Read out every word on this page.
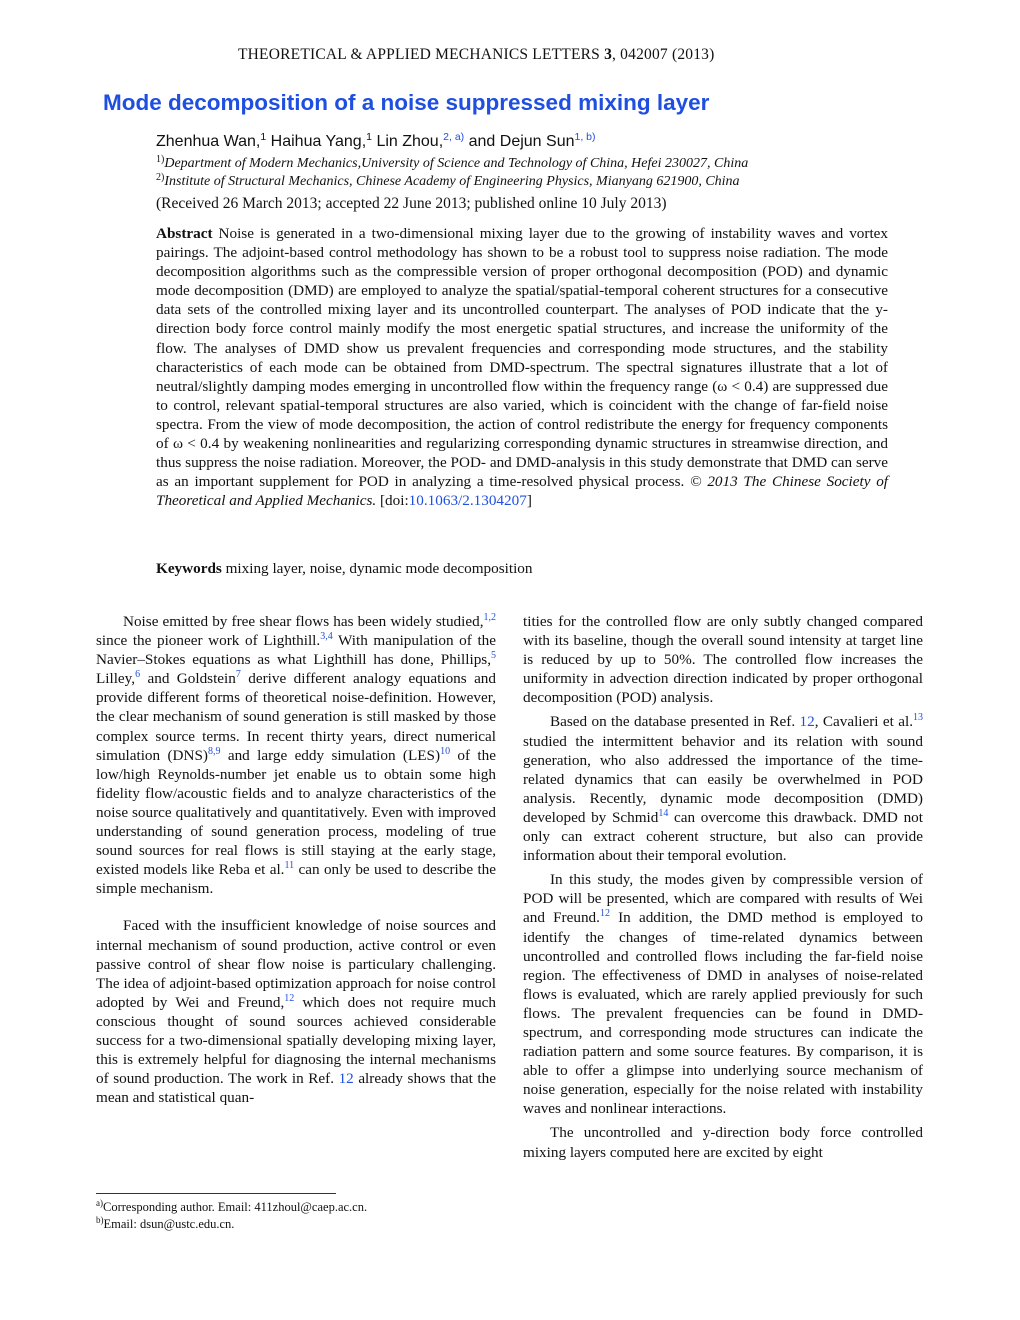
THEORETICAL & APPLIED MECHANICS LETTERS 3, 042007 (2013)
Mode decomposition of a noise suppressed mixing layer
Zhenhua Wan,$^1$ Haihua Yang,$^1$ Lin Zhou,$^{2, a)}$ and Dejun Sun$^{1, b)}$
$^{1)}$Department of Modern Mechanics,University of Science and Technology of China, Hefei 230027, China
$^{2)}$Institute of Structural Mechanics, Chinese Academy of Engineering Physics, Mianyang 621900, China
(Received 26 March 2013; accepted 22 June 2013; published online 10 July 2013)
Abstract Noise is generated in a two-dimensional mixing layer due to the growing of instability waves and vortex pairings. The adjoint-based control methodology has shown to be a robust tool to suppress noise radiation. The mode decomposition algorithms such as the compressible version of proper orthogonal decomposition (POD) and dynamic mode decomposition (DMD) are employed to analyze the spatial/spatial-temporal coherent structures for a consecutive data sets of the controlled mixing layer and its uncontrolled counterpart. The analyses of POD indicate that the y-direction body force control mainly modify the most energetic spatial structures, and increase the uniformity of the flow. The analyses of DMD show us prevalent frequencies and corresponding mode structures, and the stability characteristics of each mode can be obtained from DMD-spectrum. The spectral signatures illustrate that a lot of neutral/slightly damping modes emerging in uncontrolled flow within the frequency range (ω < 0.4) are suppressed due to control, relevant spatial-temporal structures are also varied, which is coincident with the change of far-field noise spectra. From the view of mode decomposition, the action of control redistribute the energy for frequency components of ω < 0.4 by weakening nonlinearities and regularizing corresponding dynamic structures in streamwise direction, and thus suppress the noise radiation. Moreover, the POD- and DMD-analysis in this study demonstrate that DMD can serve as an important supplement for POD in analyzing a time-resolved physical process. © 2013 The Chinese Society of Theoretical and Applied Mechanics. [doi:10.1063/2.1304207]
Keywords mixing layer, noise, dynamic mode decomposition

Noise emitted by free shear flows has been widely studied,$^{1,2}$ since the pioneer work of Lighthill.$^{3,4}$ With manipulation of the Navier–Stokes equations as what Lighthill has done, Phillips,$^5$ Lilley,$^6$ and Goldstein$^7$ derive different analogy equations and provide different forms of theoretical noise-definition. However, the clear mechanism of sound generation is still masked by those complex source terms. In recent thirty years, direct numerical simulation (DNS)$^{8,9}$ and large eddy simulation (LES)$^{10}$ of the low/high Reynolds-number jet enable us to obtain some high fidelity flow/acoustic fields and to analyze characteristics of the noise source qualitatively and quantitatively. Even with improved understanding of sound generation process, modeling of true sound sources for real flows is still staying at the early stage, existed models like Reba et al.$^{11}$ can only be used to describe the simple mechanism.

Faced with the insufficient knowledge of noise sources and internal mechanism of sound production, active control or even passive control of shear flow noise is particulary challenging. The idea of adjoint-based optimization approach for noise control adopted by Wei and Freund,$^{12}$ which does not require much conscious thought of sound sources achieved considerable success for a two-dimensional spatially developing mixing layer, this is extremely helpful for diagnosing the internal mechanisms of sound production. The work in Ref. 12 already shows that the mean and statistical quan-

tities for the controlled flow are only subtly changed compared with its baseline, though the overall sound intensity at target line is reduced by up to 50%. The controlled flow increases the uniformity in advection direction indicated by proper orthogonal decomposition (POD) analysis.

Based on the database presented in Ref. 12, Cavalieri et al.$^{13}$ studied the intermittent behavior and its relation with sound generation, who also addressed the importance of the time-related dynamics that can easily be overwhelmed in POD analysis. Recently, dynamic mode decomposition (DMD) developed by Schmid$^{14}$ can overcome this drawback. DMD not only can extract coherent structure, but also can provide information about their temporal evolution.

In this study, the modes given by compressible version of POD will be presented, which are compared with results of Wei and Freund.$^{12}$ In addition, the DMD method is employed to identify the changes of time-related dynamics between uncontrolled and controlled flows including the far-field noise region. The effectiveness of DMD in analyses of noise-related flows is evaluated, which are rarely applied previously for such flows. The prevalent frequencies can be found in DMD-spectrum, and corresponding mode structures can indicate the radiation pattern and some source features. By comparison, it is able to offer a glimpse into underlying source mechanism of noise generation, especially for the noise related with instability waves and nonlinear interactions.

The uncontrolled and y-direction body force controlled mixing layers computed here are excited by eight

$^{a)}$Corresponding author. Email: 411zhoul@caep.ac.cn.
$^{b)}$Email: dsun@ustc.edu.cn.
